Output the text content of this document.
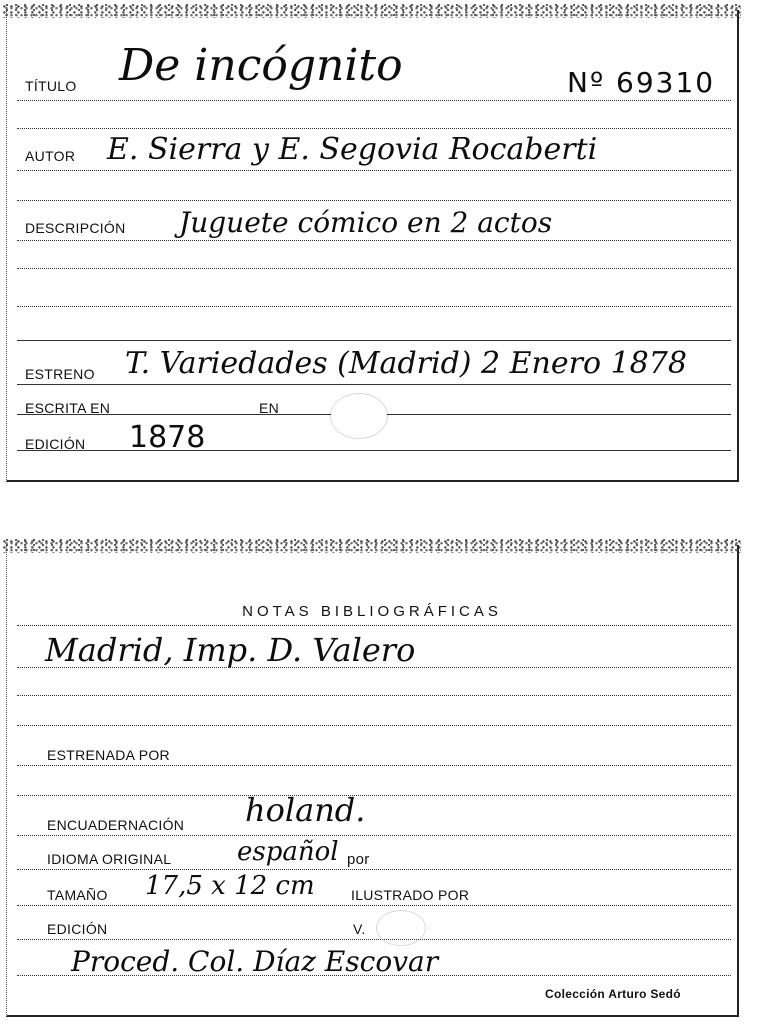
TÍTULO De incógnito	Nº 69310
AUTOR E. Sierra y E. Segovia Rocaberti
DESCRIPCIÓN Juguete cómico en 2 actos
ESTRENO T. Variedades (Madrid) 2 Enero 1878
ESCRITA EN	EN
EDICIÓN 1878
NOTAS BIBLIOGRÁFICAS
Madrid, Imp. D. Valero
ESTRENADA POR
ENCUADERNACIÓN holand.
IDIOMA ORIGINAL	español por
TAMAÑO 17,5 x 12 cm	ILUSTRADO POR
EDICIÓN	V.
Proced. Col. Díaz Escovar
Colección Arturo Sedó
